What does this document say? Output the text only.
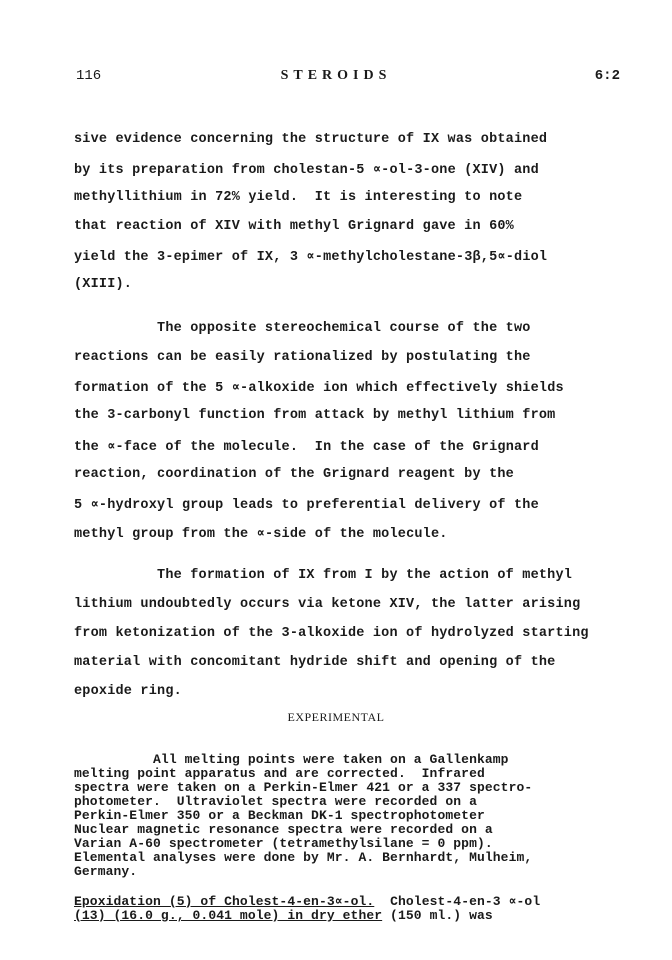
116	STEROIDS	6:2
sive evidence concerning the structure of IX was obtained
by its preparation from cholestan-5 ∝-ol-3-one (XIV) and
methyllithium in 72% yield.  It is interesting to note
that reaction of XIV with methyl Grignard gave in 60%
yield the 3-epimer of IX, 3 ∝-methylcholestane-3β,5∝-diol
(XIII).
The opposite stereochemical course of the two
reactions can be easily rationalized by postulating the
formation of the 5 ∝-alkoxide ion which effectively shields
the 3-carbonyl function from attack by methyl lithium from
the ∝-face of the molecule.  In the case of the Grignard
reaction, coordination of the Grignard reagent by the
5 ∝-hydroxyl group leads to preferential delivery of the
methyl group from the ∝-side of the molecule.
The formation of IX from I by the action of methyl
lithium undoubtedly occurs via ketone XIV, the latter arising
from ketonization of the 3-alkoxide ion of hydrolyzed starting
material with concomitant hydride shift and opening of the
epoxide ring.
EXPERIMENTAL
All melting points were taken on a Gallenkamp
melting point apparatus and are corrected.  Infrared
spectra were taken on a Perkin-Elmer 421 or a 337 spectro-
photometer.  Ultraviolet spectra were recorded on a
Perkin-Elmer 350 or a Beckman DK-1 spectrophotometer
Nuclear magnetic resonance spectra were recorded on a
Varian A-60 spectrometer (tetramethylsilane = 0 ppm).
Elemental analyses were done by Mr. A. Bernhardt, Mulheim,
Germany.
Epoxidation (5) of Cholest-4-en-3∝-ol.  Cholest-4-en-3 ∝-ol
(13) (16.0 g., 0.041 mole) in dry ether (150 ml.) was
